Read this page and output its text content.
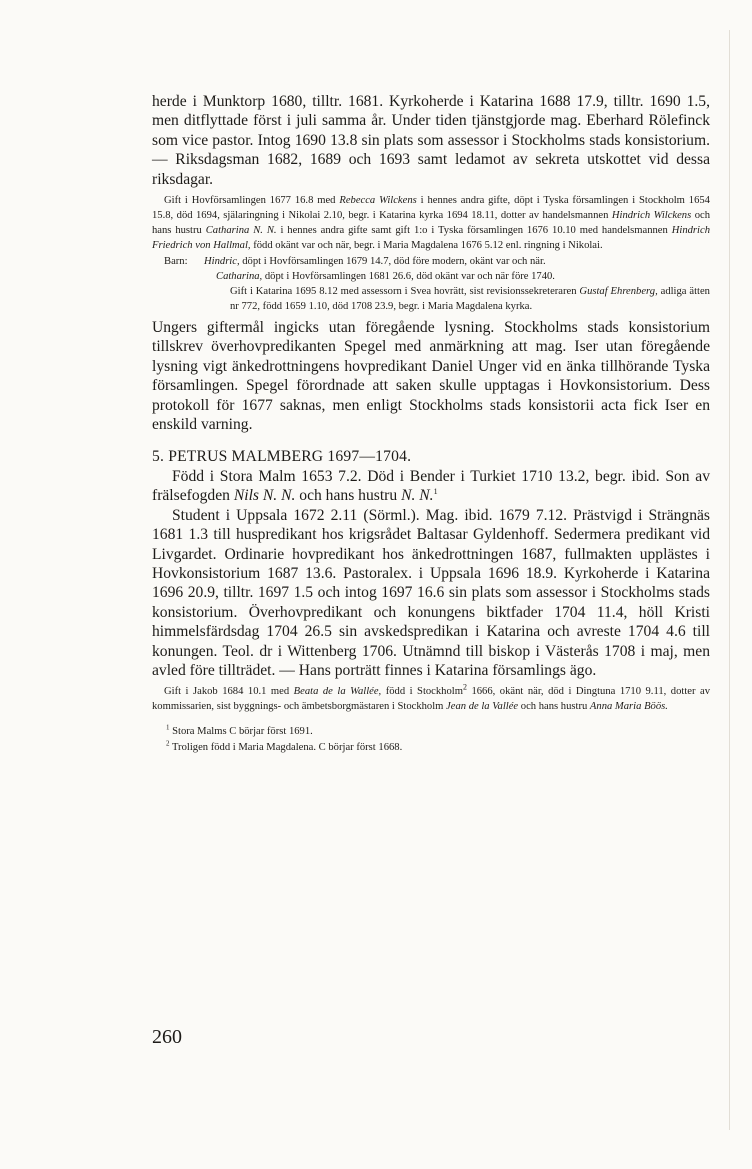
herde i Munktorp 1680, tilltr. 1681. Kyrkoherde i Katarina 1688 17.9, tilltr. 1690 1.5, men ditflyttade först i juli samma år. Under tiden tjänstgjorde mag. Eberhard Rölefinck som vice pastor. Intog 1690 13.8 sin plats som assessor i Stockholms stads konsistorium. — Riksdagsman 1682, 1689 och 1693 samt ledamot av sekreta utskottet vid dessa riksdagar.

Gift i Hovförsamlingen 1677 16.8 med Rebecca Wilckens i hennes andra gifte, döpt i Tyska församlingen i Stockholm 1654 15.8, död 1694, själaringning i Nikolai 2.10, begr. i Katarina kyrka 1694 18.11, dotter av handelsmannen Hindrich Wilckens och hans hustru Catharina N. N. i hennes andra gifte samt gift 1:o i Tyska församlingen 1676 10.10 med handelsmannen Hindrich Friedrich von Hallmal, född okänt var och när, begr. i Maria Magdalena 1676 5.12 enl. ringning i Nikolai.

Barn:	Hindric, döpt i Hovförsamlingen 1679 14.7, död före modern, okänt var och när.
Catharina, döpt i Hovförsamlingen 1681 26.6, död okänt var och när före 1740.
Gift i Katarina 1695 8.12 med assessorn i Svea hovrätt, sist revisionssekreteraren Gustaf Ehrenberg, adliga ätten nr 772, född 1659 1.10, död 1708 23.9, begr. i Maria Magdalena kyrka.

Ungers giftermål ingicks utan föregående lysning. Stockholms stads konsistorium tillskrev överhovpredikanten Spegel med anmärkning att mag. Iser utan föregående lysning vigt änkedrottningens hovpredikant Daniel Unger vid en änka tillhörande Tyska församlingen. Spegel förordnade att saken skulle upptagas i Hovkonsistorium. Dess protokoll för 1677 saknas, men enligt Stockholms stads konsistorii acta fick Iser en enskild varning.

5. PETRUS MALMBERG 1697—1704.

Född i Stora Malm 1653 7.2. Död i Bender i Turkiet 1710 13.2, begr. ibid. Son av frälsefogden Nils N. N. och hans hustru N. N.$^1$

Student i Uppsala 1672 2.11 (Sörml.). Mag. ibid. 1679 7.12. Prästvigd i Strängnäs 1681 1.3 till huspredikant hos krigsrådet Baltasar Gyldenhoff. Sedermera predikant vid Livgardet. Ordinarie hovpredikant hos änkedrottningen 1687, fullmakten upplästes i Hovkonsistorium 1687 13.6. Pastoralex. i Uppsala 1696 18.9. Kyrkoherde i Katarina 1696 20.9, tilltr. 1697 1.5 och intog 1697 16.6 sin plats som assessor i Stockholms stads konsistorium. Överhovpredikant och konungens biktfader 1704 11.4, höll Kristi himmelsfärdsdag 1704 26.5 sin avskedspredikan i Katarina och avreste 1704 4.6 till konungen. Teol. dr i Wittenberg 1706. Utnämnd till biskop i Västerås 1708 i maj, men avled före tillträdet. — Hans porträtt finnes i Katarina församlings ägo.

Gift i Jakob 1684 10.1 med Beata de la Wallée, född i Stockholm$^2$ 1666, okänt när, död i Dingtuna 1710 9.11, dotter av kommissarien, sist byggnings- och ämbetsborgmästaren i Stockholm Jean de la Vallée och hans hustru Anna Maria Böös.

$^1$ Stora Malms C börjar först 1691.

$^2$ Troligen född i Maria Magdalena. C börjar först 1668.

260
